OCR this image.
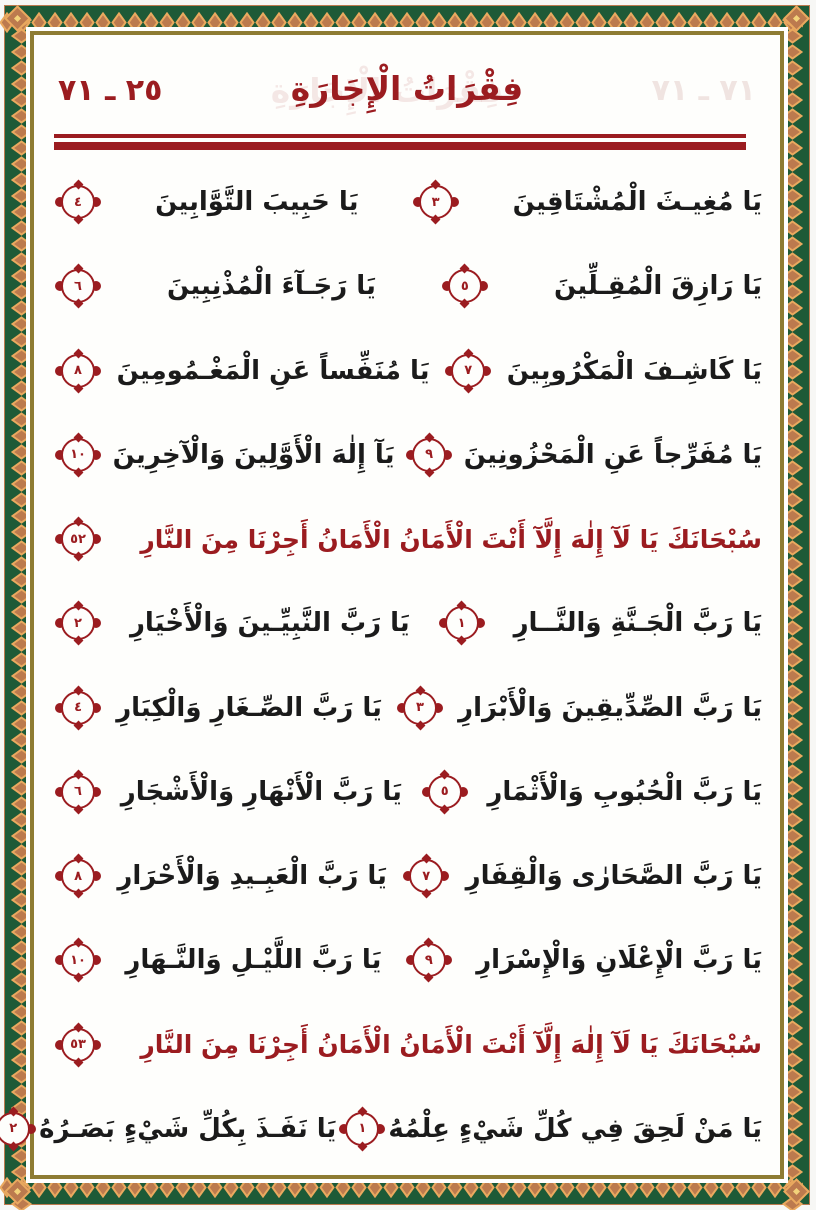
٢٥ ـ ٧١	فِقْرَاتُ الْإِجَارَةِ	٧١ ـ ٧١
يَا مُغِيـثَ الْمُشْتَاقِينَ
٣
يَا حَبِيبَ التَّوَّابِينَ
٤
يَا رَازِقَ الْمُقِـلِّينَ
٥
يَا رَجَـآءَ الْمُذْنِبِينَ
٦
يَا كَاشِـفَ الْمَكْرُوبِينَ
٧
يَا مُنَفِّساً عَنِ الْمَغْـمُومِينَ
٨
يَا مُفَرِّجاً عَنِ الْمَحْزُونِينَ
٩
يَآ إِلٰهَ الْأَوَّلِينَ وَالْآخِرِينَ
١٠
سُبْحَانَكَ يَا لَآ إِلٰهَ إِلَّآ أَنْتَ الْأَمَانُ الْأَمَانُ أَجِرْنَا مِنَ النَّارِ
٥٢
يَا رَبَّ الْجَـنَّةِ وَالنَّــارِ
١
يَا رَبَّ النَّبِيِّـينَ وَالْأَخْيَارِ
٢
يَا رَبَّ الصِّدِّيقِينَ وَالْأَبْرَارِ
٣
يَا رَبَّ الصِّـغَارِ وَالْكِبَارِ
٤
يَا رَبَّ الْحُبُوبِ وَالْأَثْمَارِ
٥
يَا رَبَّ الْأَنْهَارِ وَالْأَشْجَارِ
٦
يَا رَبَّ الصَّحَارٰى وَالْقِفَارِ
٧
يَا رَبَّ الْعَبِـيدِ وَالْأَحْرَارِ
٨
يَا رَبَّ الْإِعْلَانِ وَالْإِسْرَارِ
٩
يَا رَبَّ اللَّيْـلِ وَالنَّـهَارِ
١٠
سُبْحَانَكَ يَا لَآ إِلٰهَ إِلَّآ أَنْتَ الْأَمَانُ الْأَمَانُ أَجِرْنَا مِنَ النَّارِ
٥٣
يَا مَنْ لَحِقَ فِي كُلِّ شَيْءٍ عِلْمُهُ
١
يَا نَفَـذَ بِكُلِّ شَيْءٍ بَصَـرُهُ
٢
